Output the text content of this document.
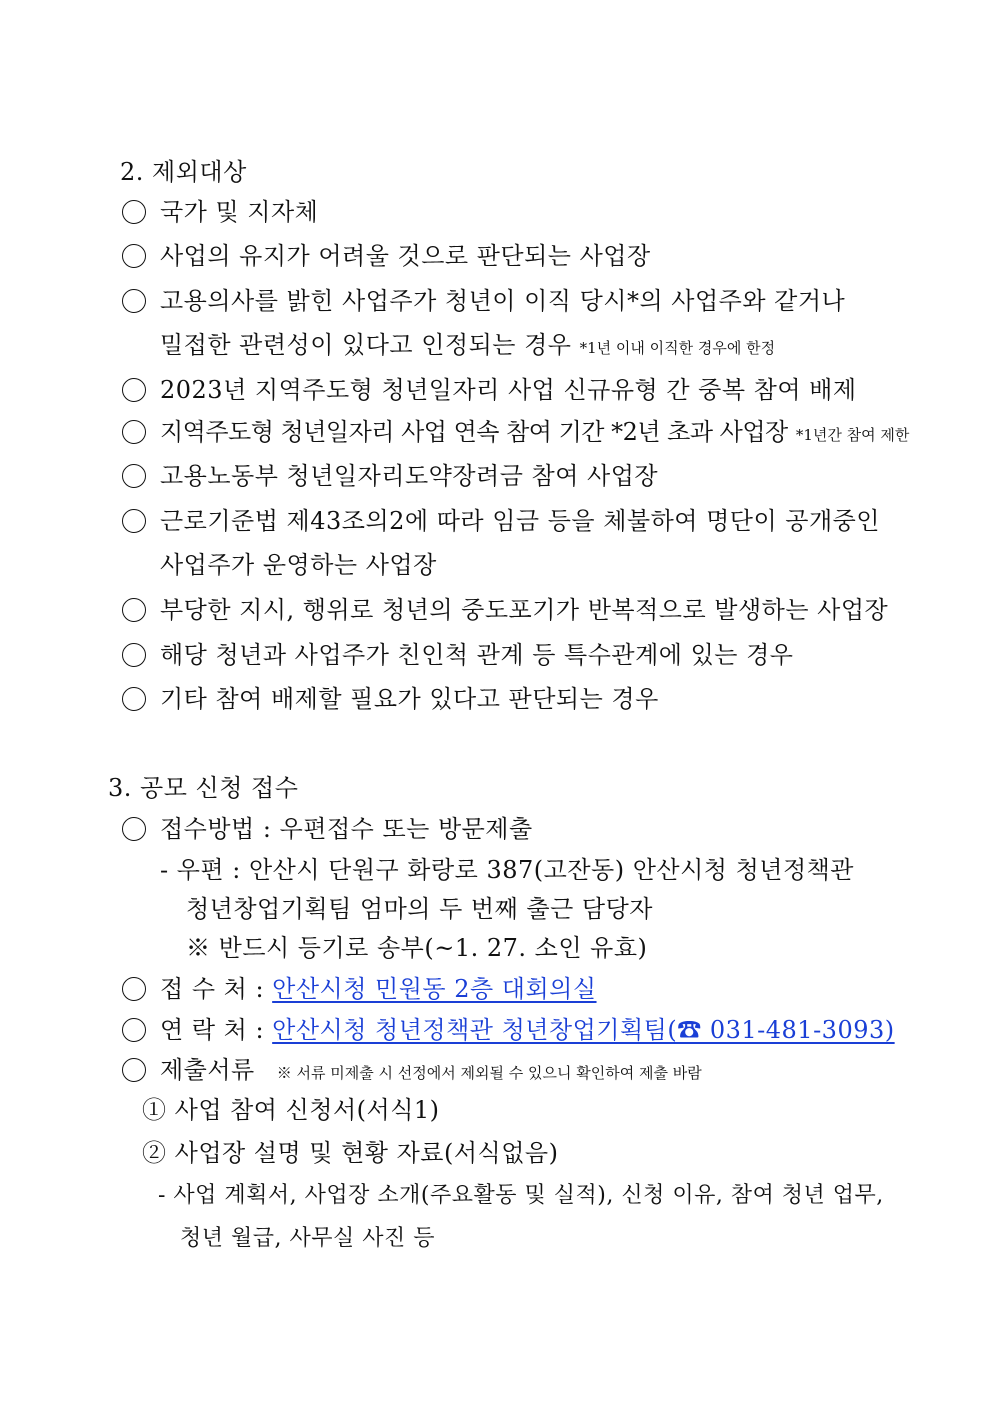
2. 제외대상
국가 및 지자체
사업의 유지가 어려울 것으로 판단되는 사업장
고용의사를 밝힌 사업주가 청년이 이직 당시*의 사업주와 같거나
밀접한 관련성이 있다고 인정되는 경우 *1년 이내 이직한 경우에 한정
2023년 지역주도형 청년일자리 사업 신규유형 간 중복 참여 배제
지역주도형 청년일자리 사업 연속 참여 기간 *2년 초과 사업장 *1년간 참여 제한
고용노동부 청년일자리도약장려금 참여 사업장
근로기준법 제43조의2에 따라 임금 등을 체불하여 명단이 공개중인
사업주가 운영하는 사업장
부당한 지시, 행위로 청년의 중도포기가 반복적으로 발생하는 사업장
해당 청년과 사업주가 친인척 관계 등 특수관계에 있는 경우
기타 참여 배제할 필요가 있다고 판단되는 경우
3. 공모 신청 접수
접수방법 : 우편접수 또는 방문제출
- 우편 : 안산시 단원구 화랑로 387(고잔동) 안산시청 청년정책관
청년창업기획팀 엄마의 두 번째 출근 담당자
※ 반드시 등기로 송부(~1. 27. 소인 유효)
접 수 처 : 안산시청 민원동 2층 대회의실
연 락 처 : 안산시청 청년정책관 청년창업기획팀(☎ 031-481-3093)
제출서류 ※ 서류 미제출 시 선정에서 제외될 수 있으니 확인하여 제출 바람
① 사업 참여 신청서(서식1)
② 사업장 설명 및 현황 자료(서식없음)
- 사업 계획서, 사업장 소개(주요활동 및 실적), 신청 이유, 참여 청년 업무,
청년 월급, 사무실 사진 등
